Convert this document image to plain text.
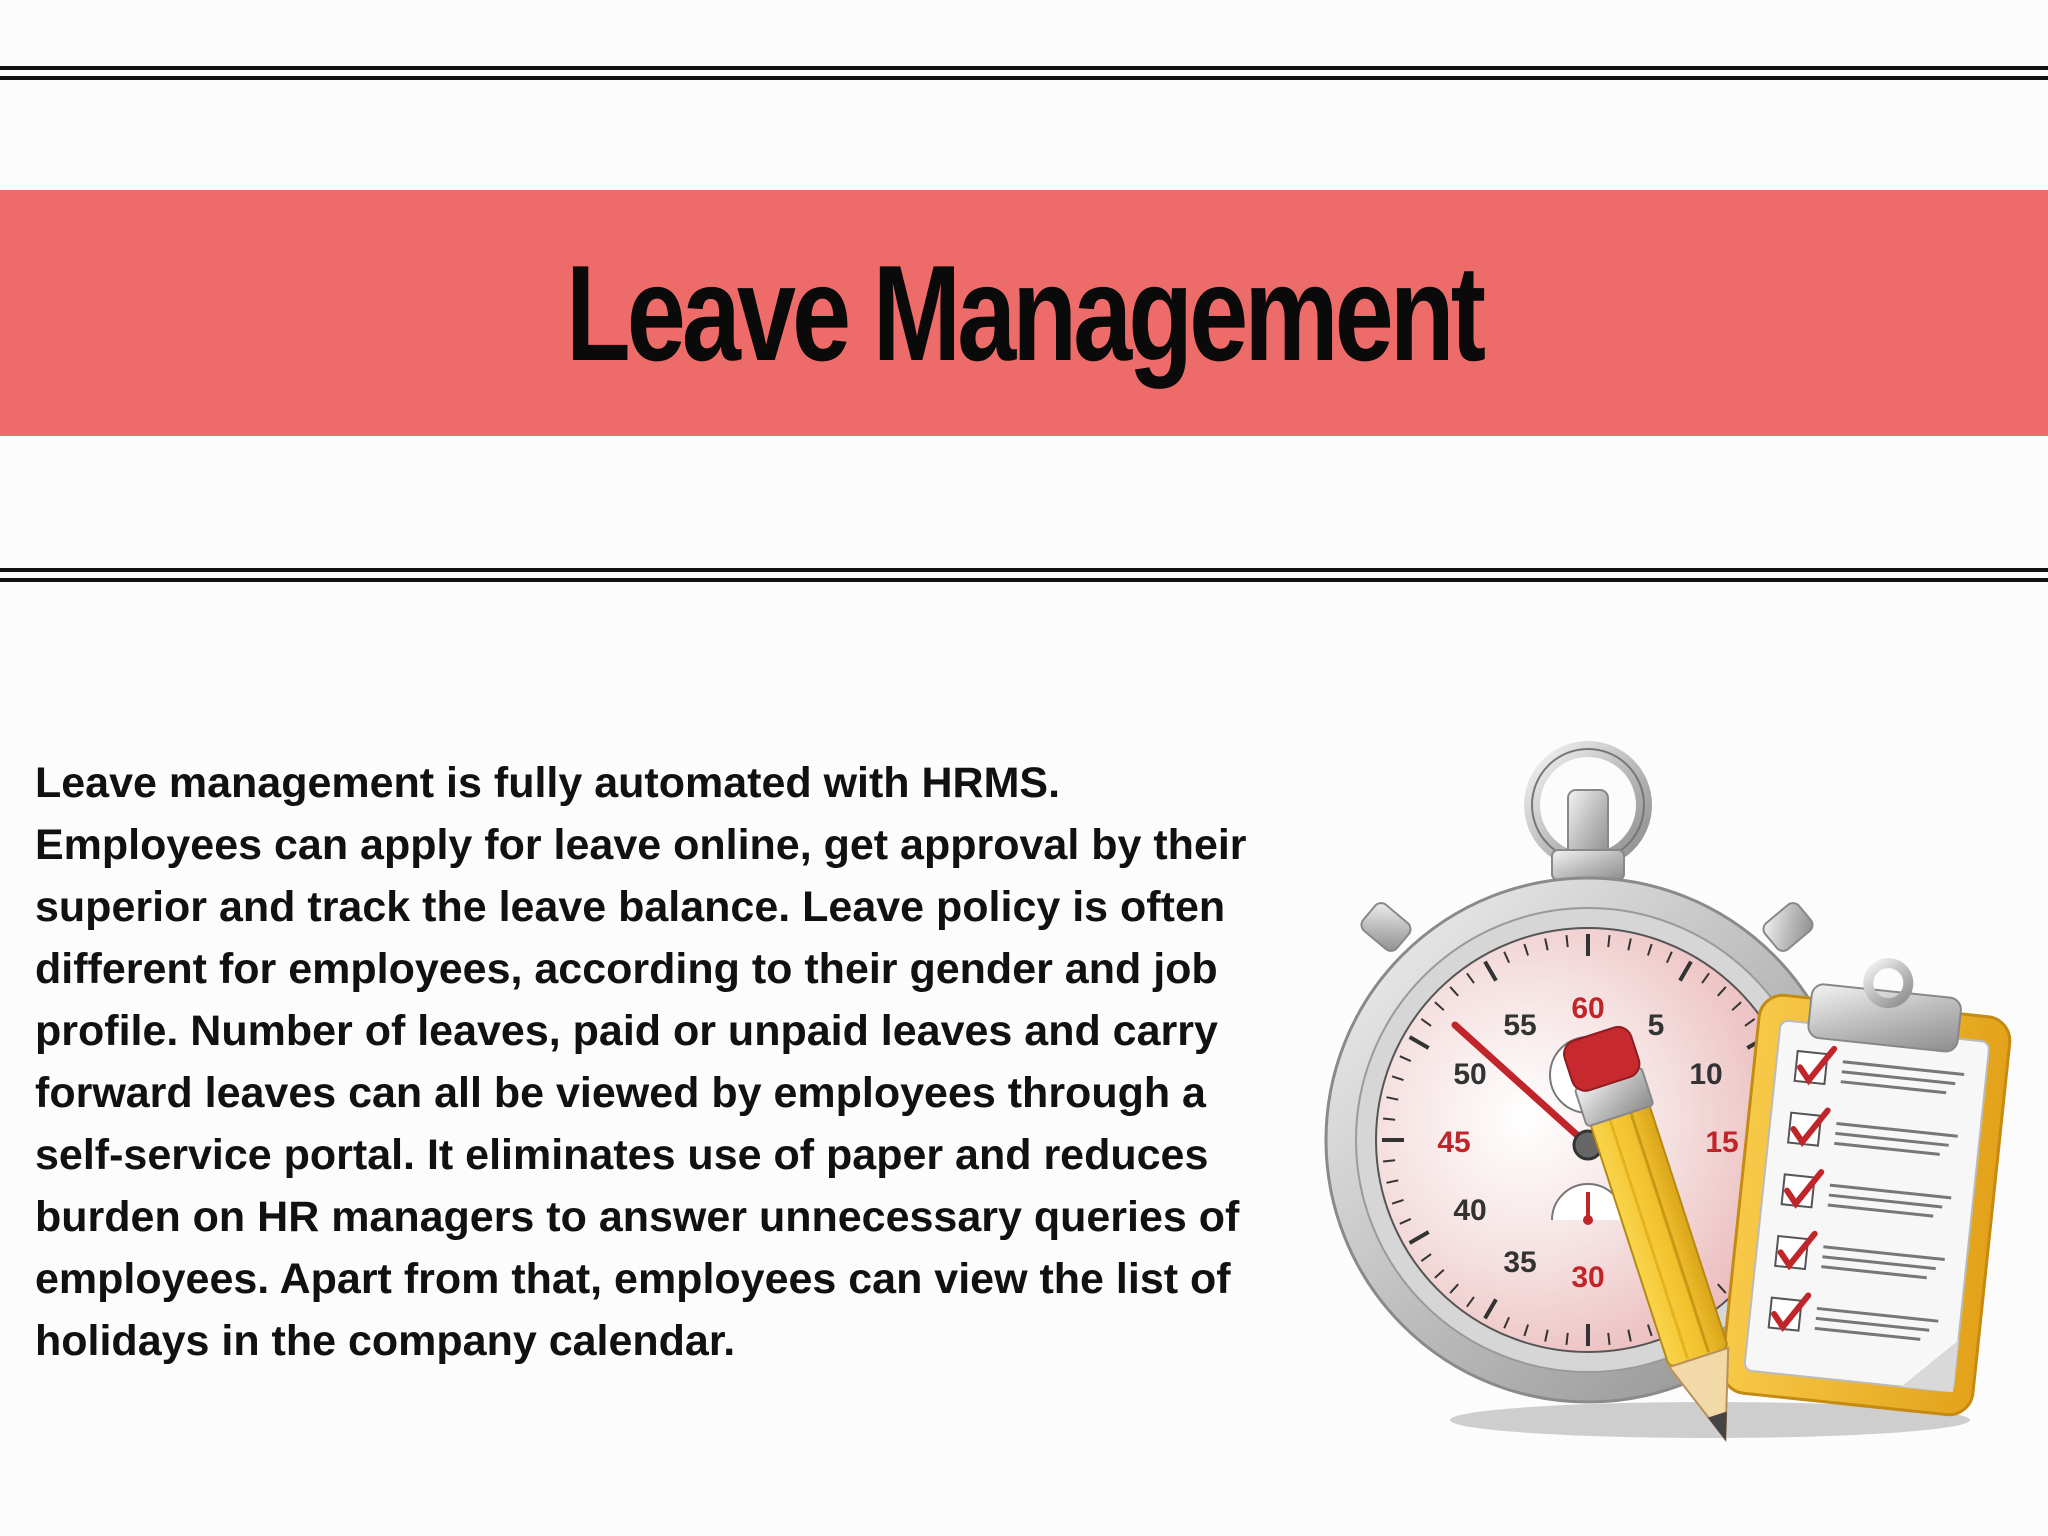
Leave Management

Leave management is fully automated with HRMS. Employees can apply for leave online, get approval by their superior and track the leave balance. Leave policy is often different for employees, according to their gender and job profile. Number of leaves, paid or unpaid leaves and carry forward leaves can all be viewed by employees through a self-service portal. It eliminates use of paper and reduces burden on HR managers to answer unnecessary queries of employees. Apart from that, employees can view the list of holidays in the company calendar.

60
5
10
15
30
35
40
45
50
55
